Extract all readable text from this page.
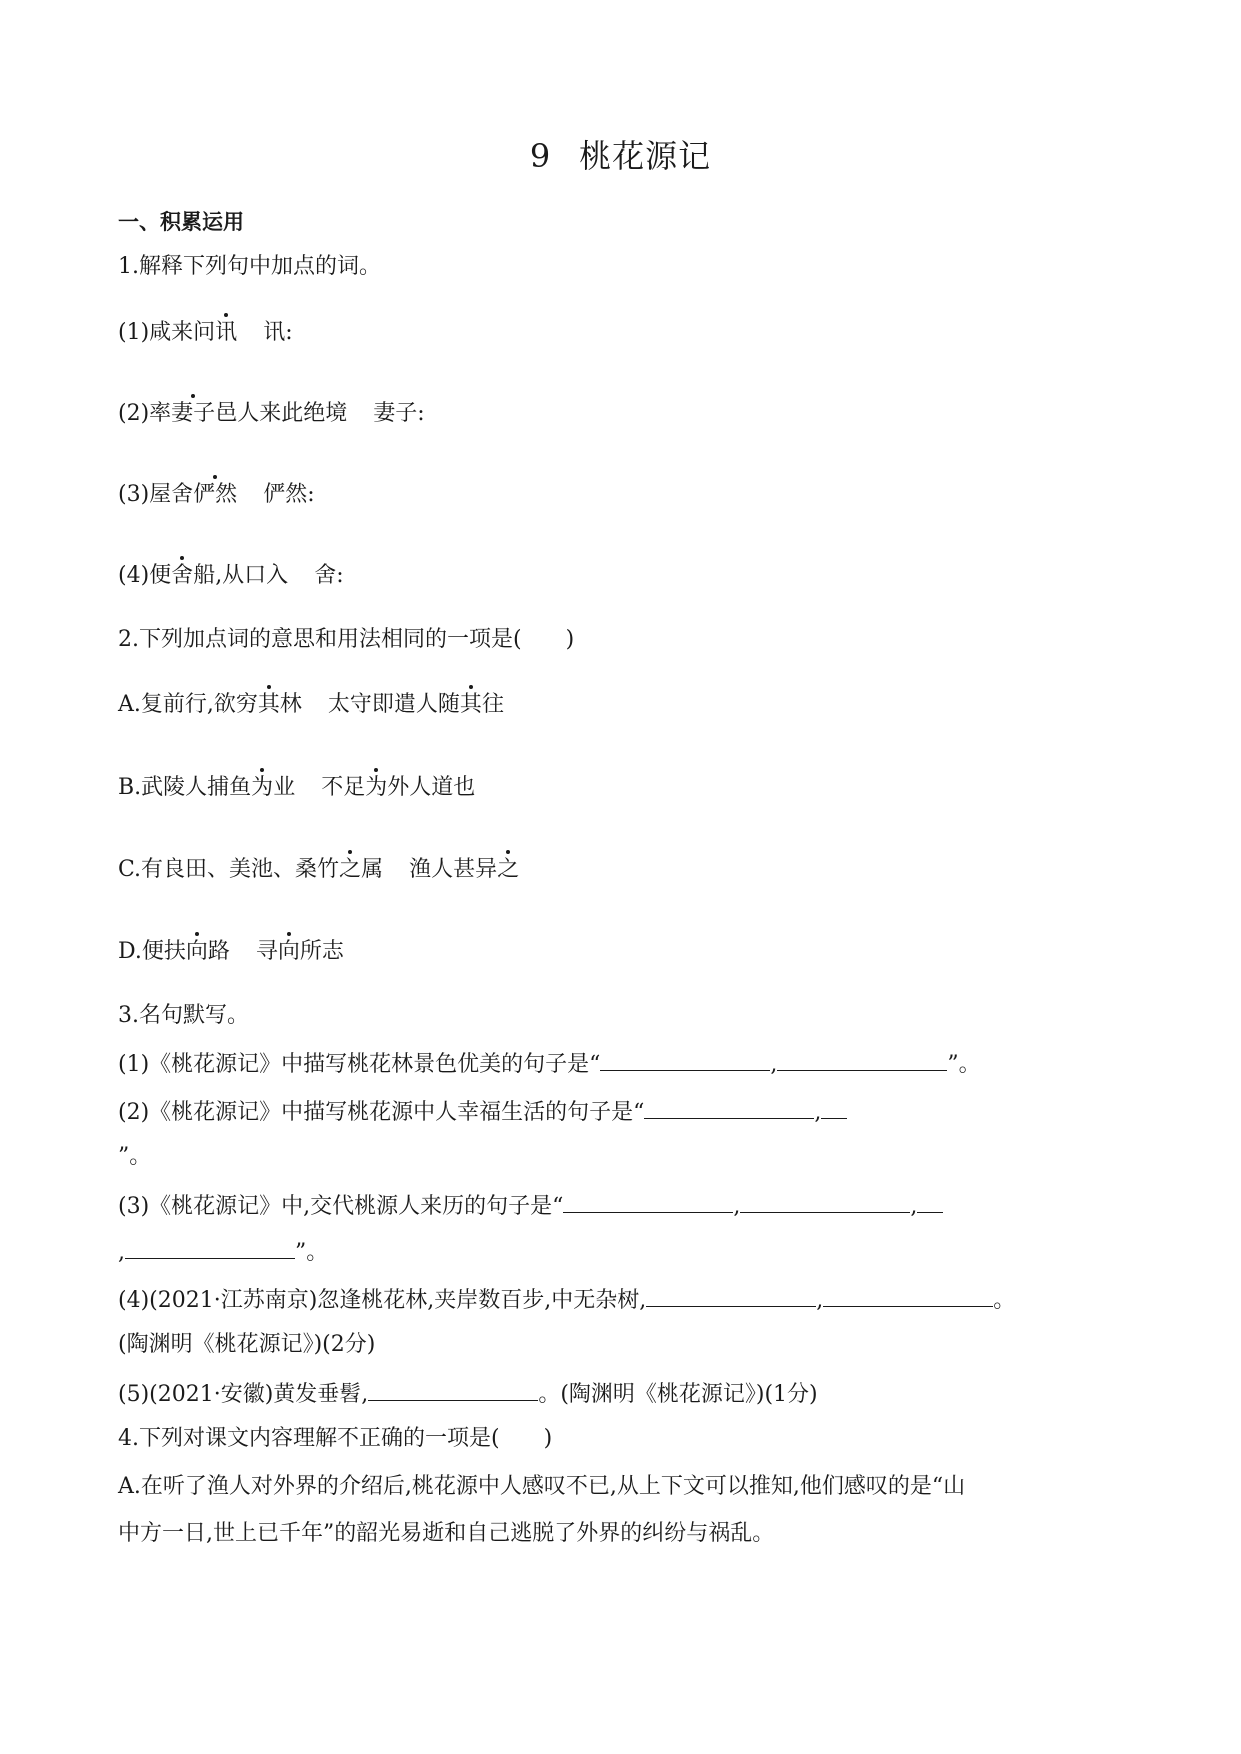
9 桃花源记
一、积累运用
1.解释下列句中加点的词。
(1)咸来问讯 讯:
(2)率妻子邑人来此绝境 妻子:
(3)屋舍俨然 俨然:
(4)便舍船,从口入 舍:
2.下列加点词的意思和用法相同的一项是(　　)
A.复前行,欲穷其林 太守即遣人随其往
B.武陵人捕鱼为业 不足为外人道也
C.有良田、美池、桑竹之属 渔人甚异之
D.便扶向路 寻向所志
3.名句默写。
(1)《桃花源记》中描写桃花林景色优美的句子是“	,	”。
(2)《桃花源记》中描写桃花源中人幸福生活的句子是“	,
”。
(3)《桃花源记》中,交代桃源人来历的句子是“	,	,
,	”。
(4)(2021·江苏南京)忽逢桃花林,夹岸数百步,中无杂树,	,	。
(陶渊明《桃花源记》)(2分)
(5)(2021·安徽)黄发垂髫,	。(陶渊明《桃花源记》)(1分)
4.下列对课文内容理解不正确的一项是(　　)
A.在听了渔人对外界的介绍后,桃花源中人感叹不已,从上下文可以推知,他们感叹的是“山
中方一日,世上已千年”的韶光易逝和自己逃脱了外界的纠纷与祸乱。
